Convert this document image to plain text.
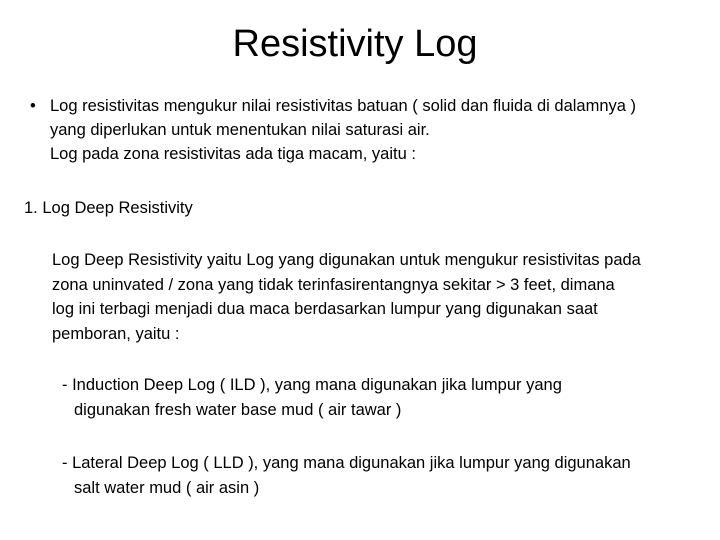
Resistivity Log
• Log resistivitas mengukur nilai resistivitas batuan ( solid dan fluida di dalamnya )
yang diperlukan untuk menentukan nilai saturasi air.
Log pada zona resistivitas ada tiga macam, yaitu :
1. Log Deep Resistivity
Log Deep Resistivity yaitu Log yang digunakan untuk mengukur resistivitas pada
zona uninvated / zona yang tidak terinfasirentangnya sekitar > 3 feet, dimana
log ini terbagi menjadi dua maca berdasarkan lumpur yang digunakan saat
pemboran, yaitu :
- Induction Deep Log ( ILD ), yang mana digunakan jika lumpur yang
digunakan fresh water base mud ( air tawar )
- Lateral Deep Log ( LLD ), yang mana digunakan jika lumpur yang digunakan
salt water mud ( air asin )
